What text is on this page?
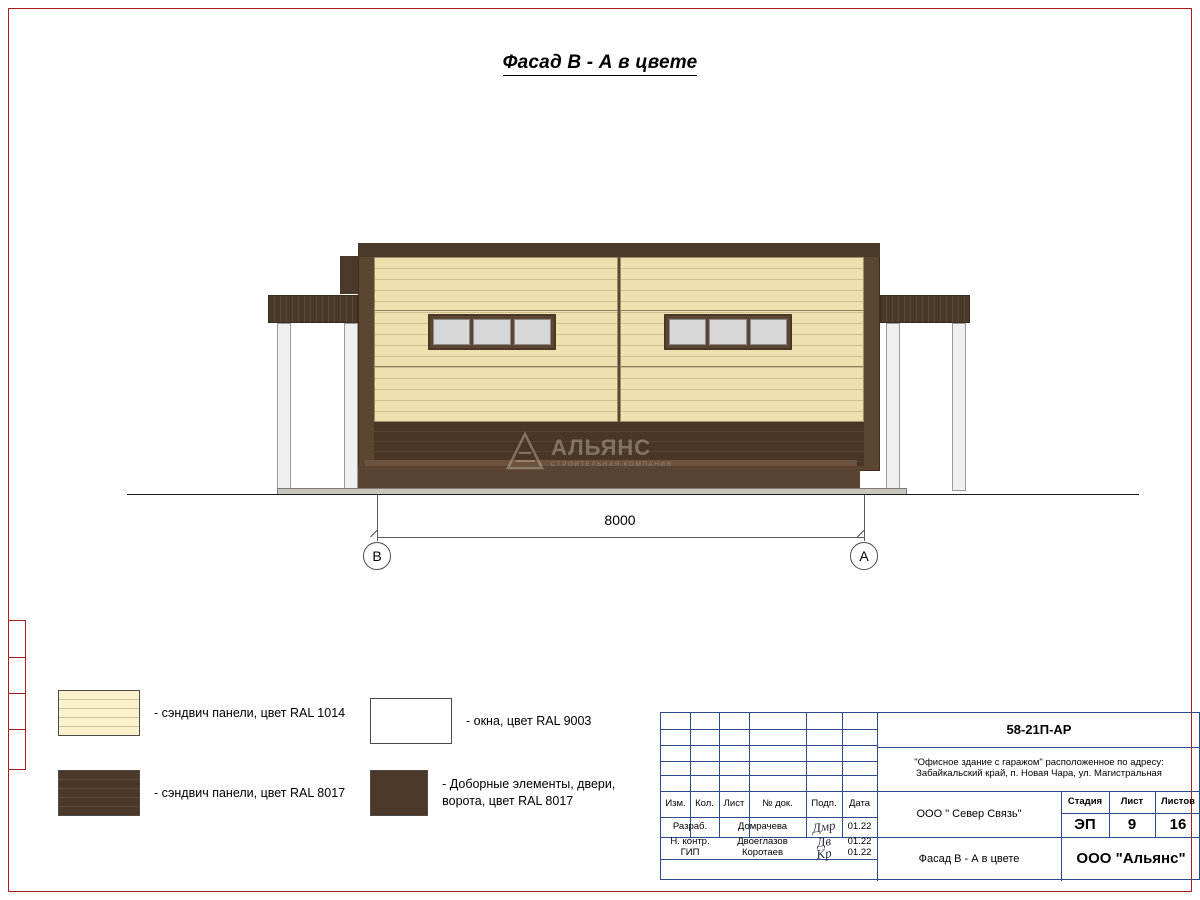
Фасад В - А в цвете
АЛЬЯНС
СТРОИТЕЛЬНАЯ КОМПАНИЯ
8000
В	А
- сэндвич панели, цвет RAL 1014
- окна, цвет RAL 9003
- сэндвич панели, цвет RAL 8017
- Доборные элементы, двери, ворота, цвет RAL 8017	Изм. Кол.	Лист	№ док.	Подп.	Дата
Разраб.	Домрачева	Дмр	01.22
Н. контр.	Двоеглазов	Дв	01.22
ГИП	Коротаев	Кр	01.22
58-21П-АР
"Офисное здание с гаражом" расположенное по адресу: Забайкальский край, п. Новая Чара, ул. Магистральная
ООО " Север Связь"
Стадия	Лист	Листов
ЭП	9	16
Фасад В - А в цвете	ООО "Альянс"
